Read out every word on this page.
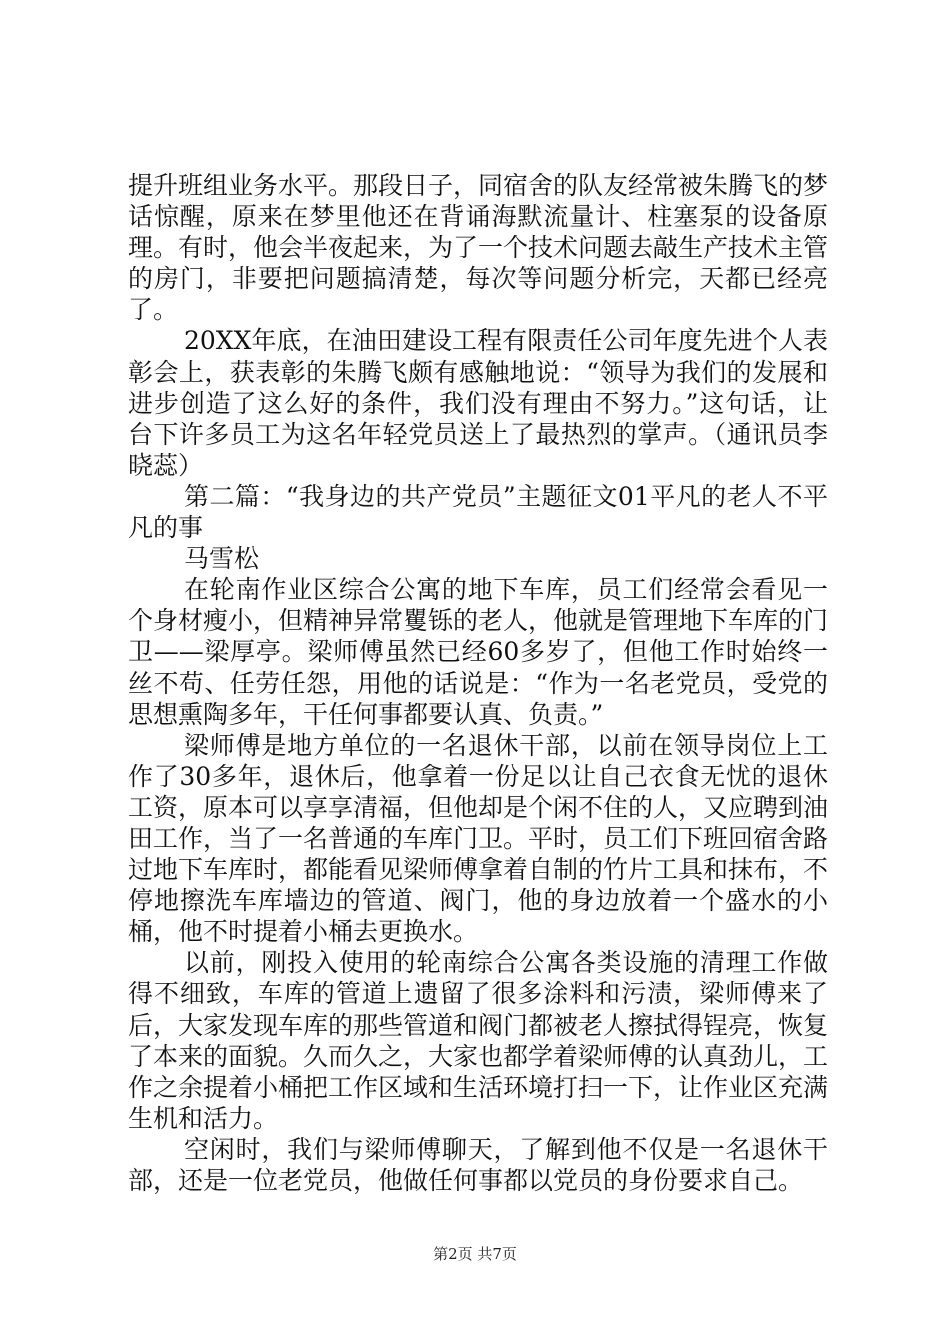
提升班组业务水平。那段日子，同宿舍的队友经常被朱腾飞的梦话惊醒，原来在梦里他还在背诵海默流量计、柱塞泵的设备原理。有时，他会半夜起来，为了一个技术问题去敲生产技术主管的房门，非要把问题搞清楚，每次等问题分析完，天都已经亮了。

20XX年底，在油田建设工程有限责任公司年度先进个人表彰会上，获表彰的朱腾飞颇有感触地说：“领导为我们的发展和进步创造了这么好的条件，我们没有理由不努力。”这句话，让台下许多员工为这名年轻党员送上了最热烈的掌声。（通讯员李晓蕊）

第二篇：“我身边的共产党员”主题征文01平凡的老人不平凡的事

马雪松

在轮南作业区综合公寓的地下车库，员工们经常会看见一个身材瘦小，但精神异常矍铄的老人，他就是管理地下车库的门卫——梁厚亭。梁师傅虽然已经60多岁了，但他工作时始终一丝不苟、任劳任怨，用他的话说是：“作为一名老党员，受党的思想熏陶多年，干任何事都要认真、负责。”

梁师傅是地方单位的一名退休干部，以前在领导岗位上工作了30多年，退休后，他拿着一份足以让自己衣食无忧的退休工资，原本可以享享清福，但他却是个闲不住的人，又应聘到油田工作，当了一名普通的车库门卫。平时，员工们下班回宿舍路过地下车库时，都能看见梁师傅拿着自制的竹片工具和抹布，不停地擦洗车库墙边的管道、阀门，他的身边放着一个盛水的小桶，他不时提着小桶去更换水。

以前，刚投入使用的轮南综合公寓各类设施的清理工作做得不细致，车库的管道上遗留了很多涂料和污渍，梁师傅来了后，大家发现车库的那些管道和阀门都被老人擦拭得锃亮，恢复了本来的面貌。久而久之，大家也都学着梁师傅的认真劲儿，工作之余提着小桶把工作区域和生活环境打扫一下，让作业区充满生机和活力。

空闲时，我们与梁师傅聊天，了解到他不仅是一名退休干部，还是一位老党员，他做任何事都以党员的身份要求自己。

第2页 共7页
